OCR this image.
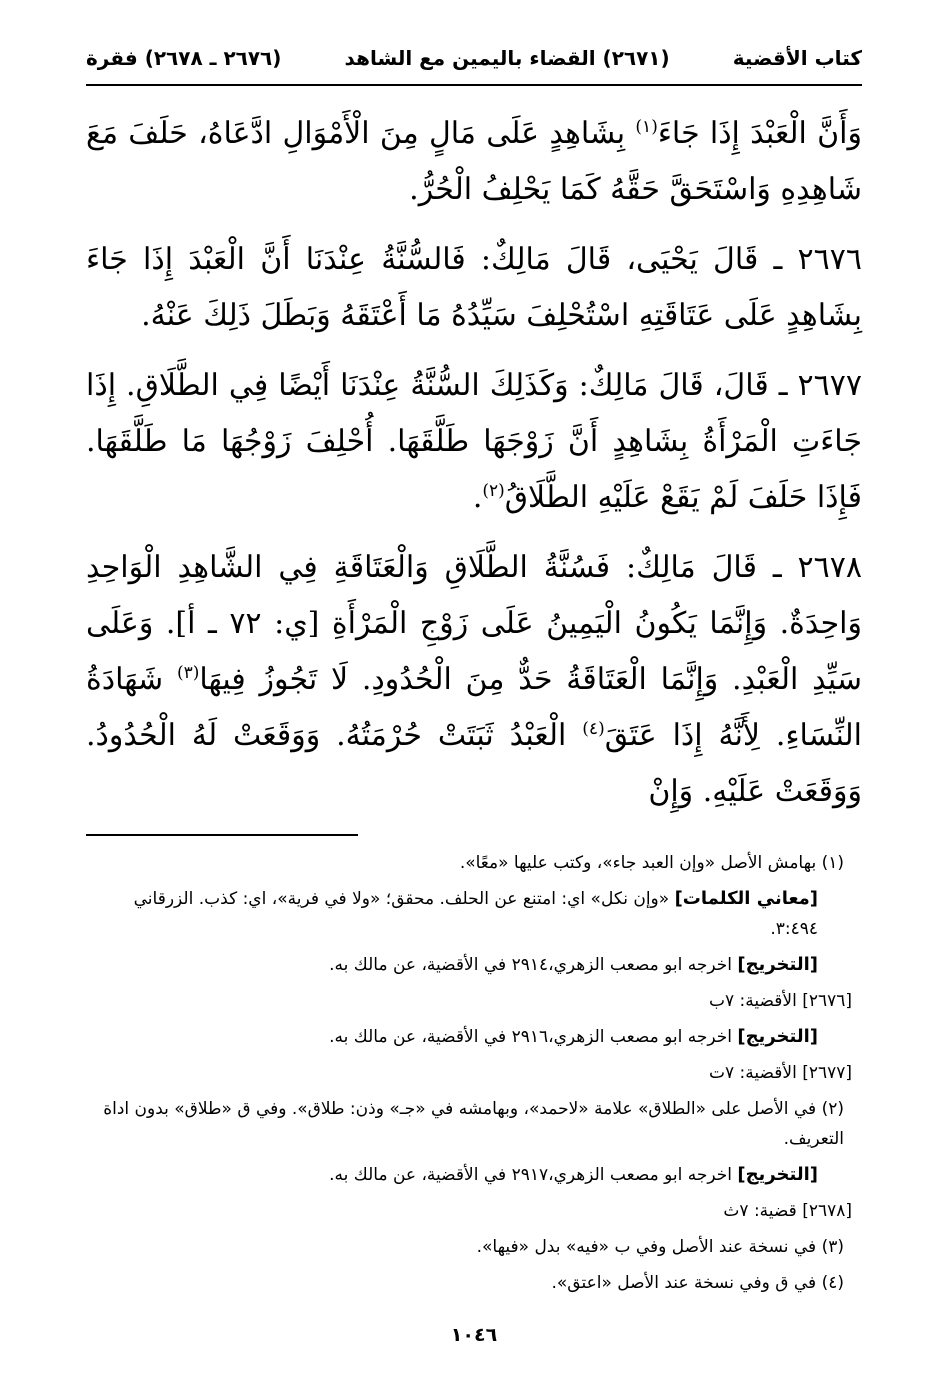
كتاب الأقضية
(٢٦٧١) القضاء باليمين مع الشاهد
(٢٦٧٦ ـ ٢٦٧٨) فقرة

وَأَنَّ الْعَبْدَ إِذَا جَاءَ$^{(١)}$ بِشَاهِدٍ عَلَى مَالٍ مِنَ الْأَمْوَالِ ادَّعَاهُ، حَلَفَ مَعَ شَاهِدِهِ وَاسْتَحَقَّ حَقَّهُ كَمَا يَحْلِفُ الْحُرُّ.

٢٦٧٦ ـ قَالَ يَحْيَى، قَالَ مَالِكٌ: فَالسُّنَّةُ عِنْدَنَا أَنَّ الْعَبْدَ إِذَا جَاءَ بِشَاهِدٍ عَلَى عَتَاقَتِهِ اسْتُحْلِفَ سَيِّدُهُ مَا أَعْتَقَهُ وَبَطَلَ ذَلِكَ عَنْهُ.

٢٦٧٧ ـ قَالَ، قَالَ مَالِكٌ: وَكَذَلِكَ السُّنَّةُ عِنْدَنَا أَيْضًا فِي الطَّلَاقِ. إِذَا جَاءَتِ الْمَرْأَةُ بِشَاهِدٍ أَنَّ زَوْجَهَا طَلَّقَهَا. أُحْلِفَ زَوْجُهَا مَا طَلَّقَهَا. فَإِذَا حَلَفَ لَمْ يَقَعْ عَلَيْهِ الطَّلَاقُ$^{(٢)}$.

٢٦٧٨ ـ قَالَ مَالِكٌ: فَسُنَّةُ الطَّلَاقِ وَالْعَتَاقَةِ فِي الشَّاهِدِ الْوَاحِدِ وَاحِدَةٌ. وَإِنَّمَا يَكُونُ الْيَمِينُ عَلَى زَوْجِ الْمَرْأَةِ [ي: ٧٢ ـ أ]. وَعَلَى سَيِّدِ الْعَبْدِ. وَإِنَّمَا الْعَتَاقَةُ حَدٌّ مِنَ الْحُدُودِ. لَا تَجُوزُ فِيهَا$^{(٣)}$ شَهَادَةُ النِّسَاءِ. لِأَنَّهُ إِذَا عَتَقَ$^{(٤)}$ الْعَبْدُ ثَبَتَتْ حُرْمَتُهُ. وَوَقَعَتْ لَهُ الْحُدُودُ. وَوَقَعَتْ عَلَيْهِ. وَإِنْ

(١) بهامش الأصل «وإن العبد جاء»، وكتب عليها «معًا».
[معاني الكلمات] «وإن نكل» اي: امتنع عن الحلف. محقق؛ «ولا في فرية»، اي: كذب. الزرقاني ٣:٤٩٤.
[التخريج] اخرجه ابو مصعب الزهري،٢٩١٤ في الأقضية، عن مالك به.
[٢٦٧٦] الأقضية: ٧ب
[التخريج] اخرجه ابو مصعب الزهري،٢٩١٦ في الأقضية، عن مالك به.
[٢٦٧٧] الأقضية: ٧ت
(٢) في الأصل على «الطلاق» علامة «لاحمد»، وبهامشه في «جـ» وذن: طلاق». وفي ق «طلاق» بدون اداة التعريف.
[التخريج] اخرجه ابو مصعب الزهري،٢٩١٧ في الأقضية، عن مالك به.
[٢٦٧٨] قضية: ٧ث
(٣) في نسخة عند الأصل وفي ب «فيه» بدل «فيها».
(٤) في ق وفي نسخة عند الأصل «اعتق».
١٠٤٦
